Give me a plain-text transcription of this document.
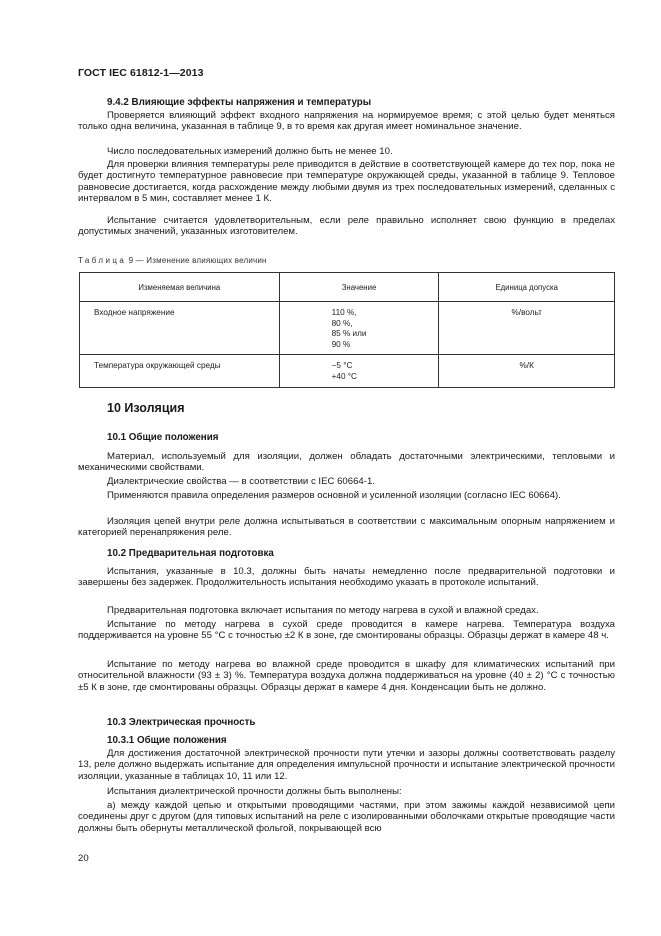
ГОСТ IEC 61812-1—2013
9.4.2 Влияющие эффекты напряжения и температуры
Проверяется влияющий эффект входного напряжения на нормируемое время; с этой целью будет меняться только одна величина, указанная в таблице 9, в то время как другая имеет номинальное значение.
Число последовательных измерений должно быть не менее 10.
Для проверки влияния температуры реле приводится в действие в соответствующей камере до тех пор, пока не будет достигнуто температурное равновесие при температуре окружающей среды, указанной в таблице 9. Тепловое равновесие достигается, когда расхождение между любыми двумя из трех последовательных измерений, сделанных с интервалом в 5 мин, составляет менее 1 К.
Испытание считается удовлетворительным, если реле правильно исполняет свою функцию в пределах допустимых значений, указанных изготовителем.
Таблица 9 — Изменение влияющих величин
Изменяемая величина	Значение	Единица допуска
Входное напряжение	110 %,
80 %,
85 % или
90 %	%/вольт
Температура окружающей среды	−5 °С
+40 °С	%/К
10 Изоляция
10.1 Общие положения
Материал, используемый для изоляции, должен обладать достаточными электрическими, тепловыми и механическими свойствами.
Диэлектрические свойства — в соответствии с IEC 60664-1.
Применяются правила определения размеров основной и усиленной изоляции (согласно IEC 60664).
Изоляция цепей внутри реле должна испытываться в соответствии с максимальным опорным напряжением и категорией перенапряжения реле.
10.2 Предварительная подготовка
Испытания, указанные в 10.3, должны быть начаты немедленно после предварительной подготовки и завершены без задержек. Продолжительность испытания необходимо указать в протоколе испытаний.
Предварительная подготовка включает испытания по методу нагрева в сухой и влажной средах.
Испытание по методу нагрева в сухой среде проводится в камере нагрева. Температура воздуха поддерживается на уровне 55 °С с точностью ±2 К в зоне, где смонтированы образцы. Образцы держат в камере 48 ч.
Испытание по методу нагрева во влажной среде проводится в шкафу для климатических испытаний при относительной влажности (93 ± 3) %. Температура воздуха должна поддерживаться на уровне (40 ± 2) °С с точностью ±5 К в зоне, где смонтированы образцы. Образцы держат в камере 4 дня. Конденсации быть не должно.
10.3 Электрическая прочность
10.3.1 Общие положения
Для достижения достаточной электрической прочности пути утечки и зазоры должны соответствовать разделу 13, реле должно выдержать испытание для определения импульсной прочности и испытание электрической прочности изоляции, указанные в таблицах 10, 11 или 12.
Испытания диэлектрической прочности должны быть выполнены:
а) между каждой цепью и открытыми проводящими частями, при этом зажимы каждой независимой цепи соединены друг с другом (для типовых испытаний на реле с изолированными оболочками открытые проводящие части должны быть обернуты металлической фольгой, покрывающей всю
20
